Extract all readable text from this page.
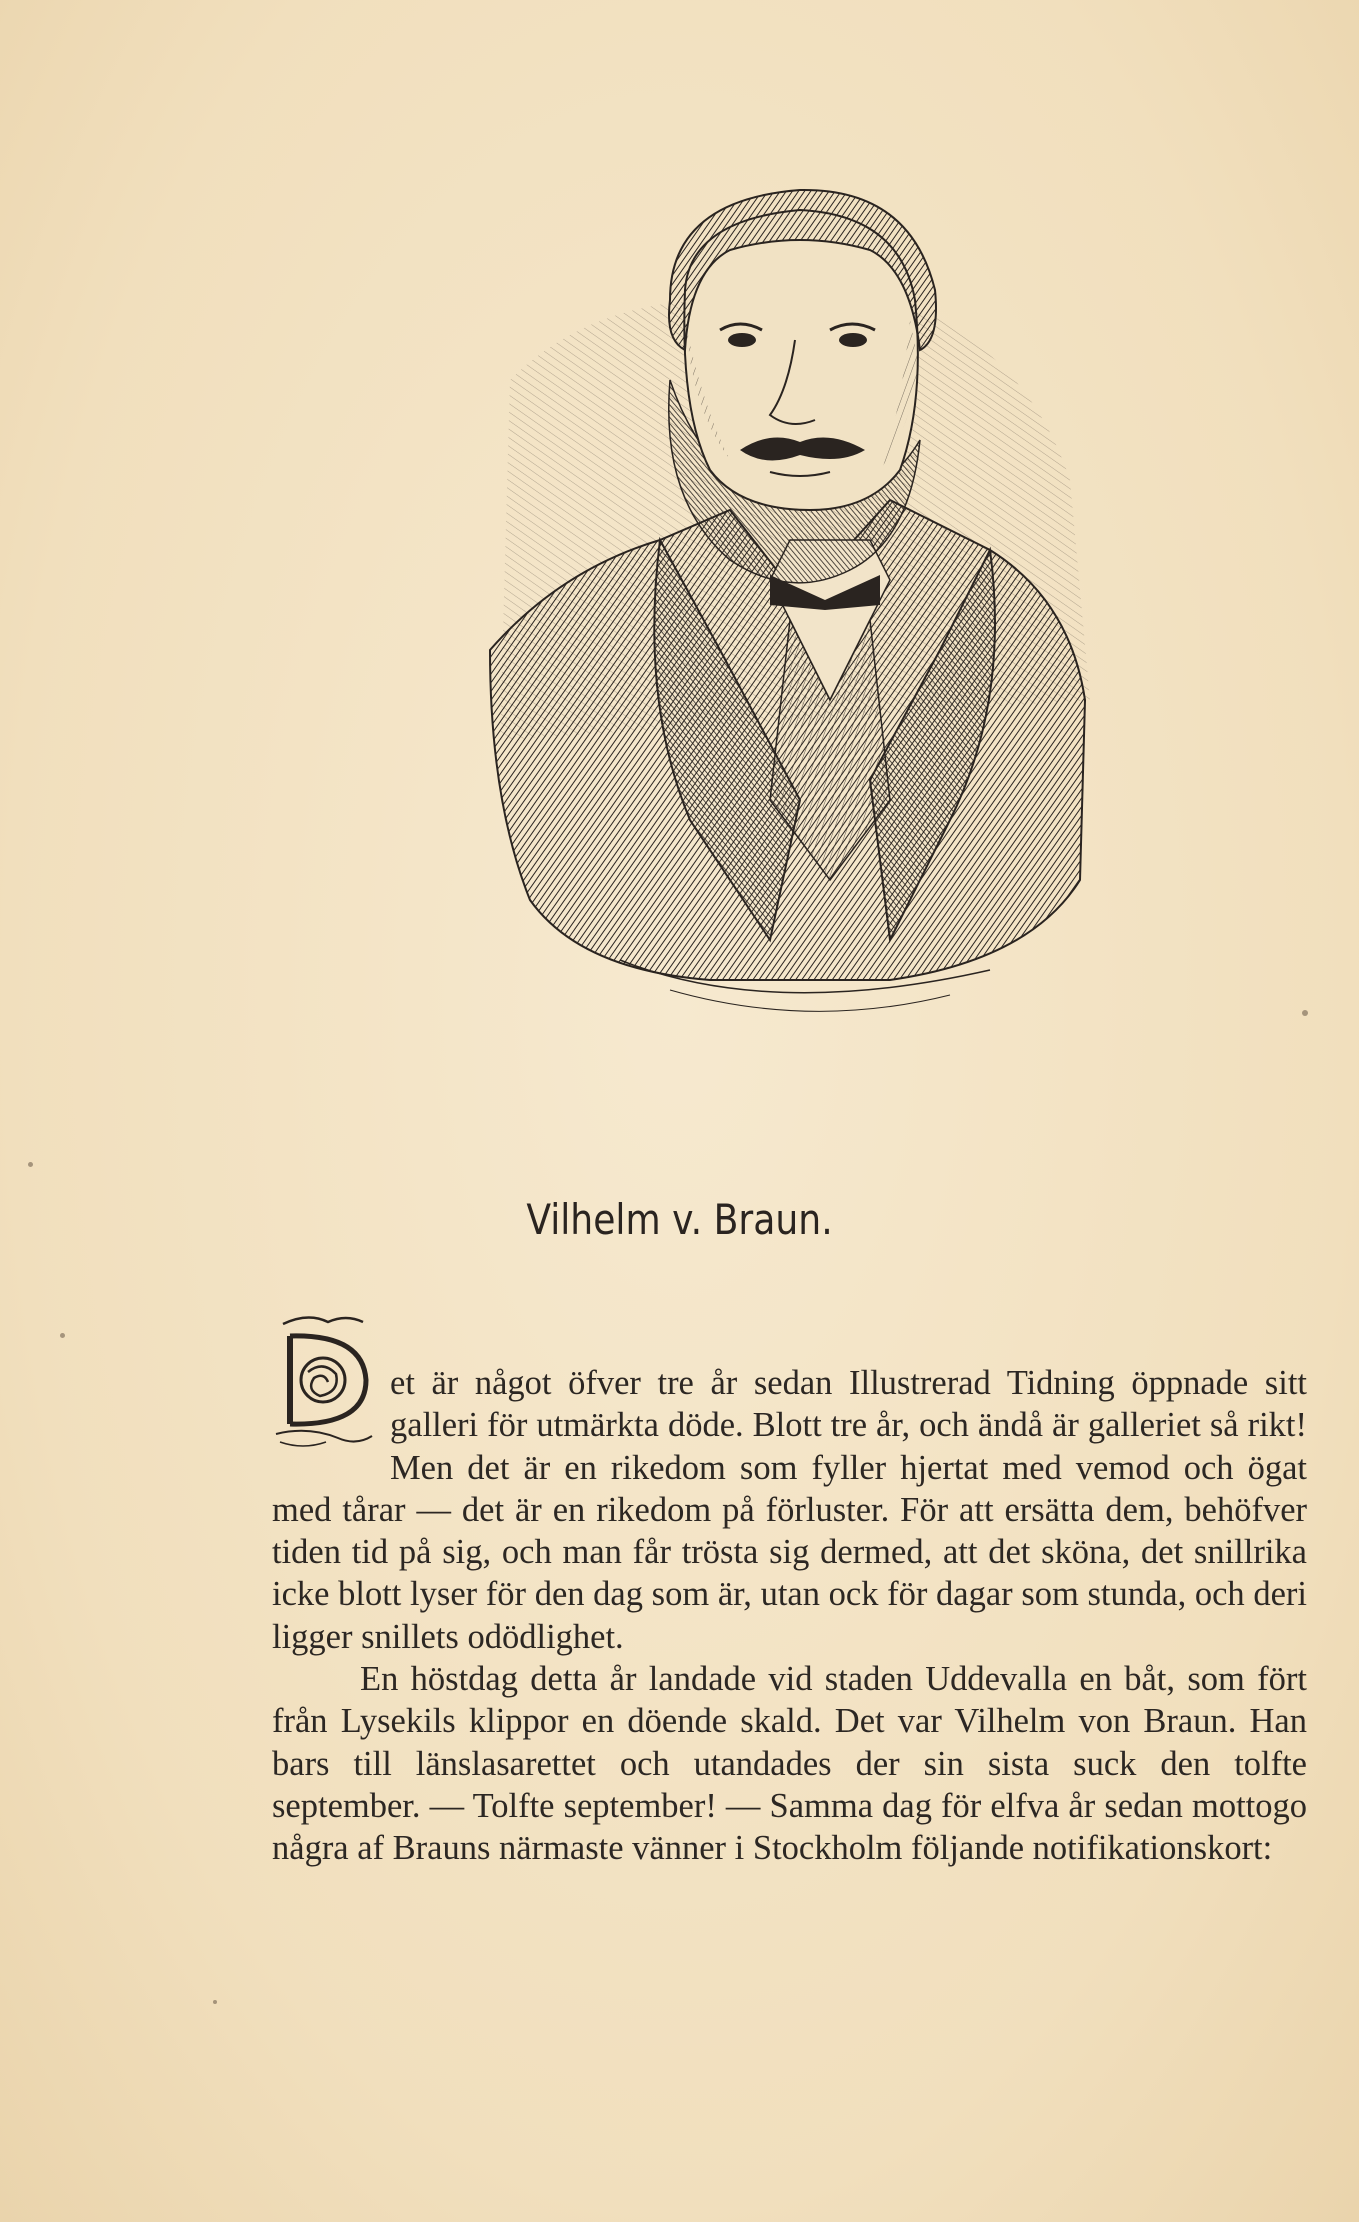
Vilhelm v. Braun.

et är något öfver tre år sedan Illustrerad Tidning öppnade sitt galleri för utmärkta döde. Blott tre år, och ändå är galleriet så rikt! Men det är en rikedom som fyller hjertat med vemod och ögat med tårar — det är en rikedom på förluster. För att ersätta dem, behöfver tiden tid på sig, och man får trösta sig dermed, att det sköna, det snillrika icke blott lyser för den dag som är, utan ock för dagar som stunda, och deri ligger snillets odödlighet.

En höstdag detta år landade vid staden Uddevalla en båt, som fört från Lysekils klippor en döende skald. Det var Vilhelm von Braun. Han bars till länslasarettet och utandades der sin sista suck den tolfte september. — Tolfte september! — Samma dag för elfva år sedan mottogo några af Brauns närmaste vänner i Stockholm följande notifikationskort:
